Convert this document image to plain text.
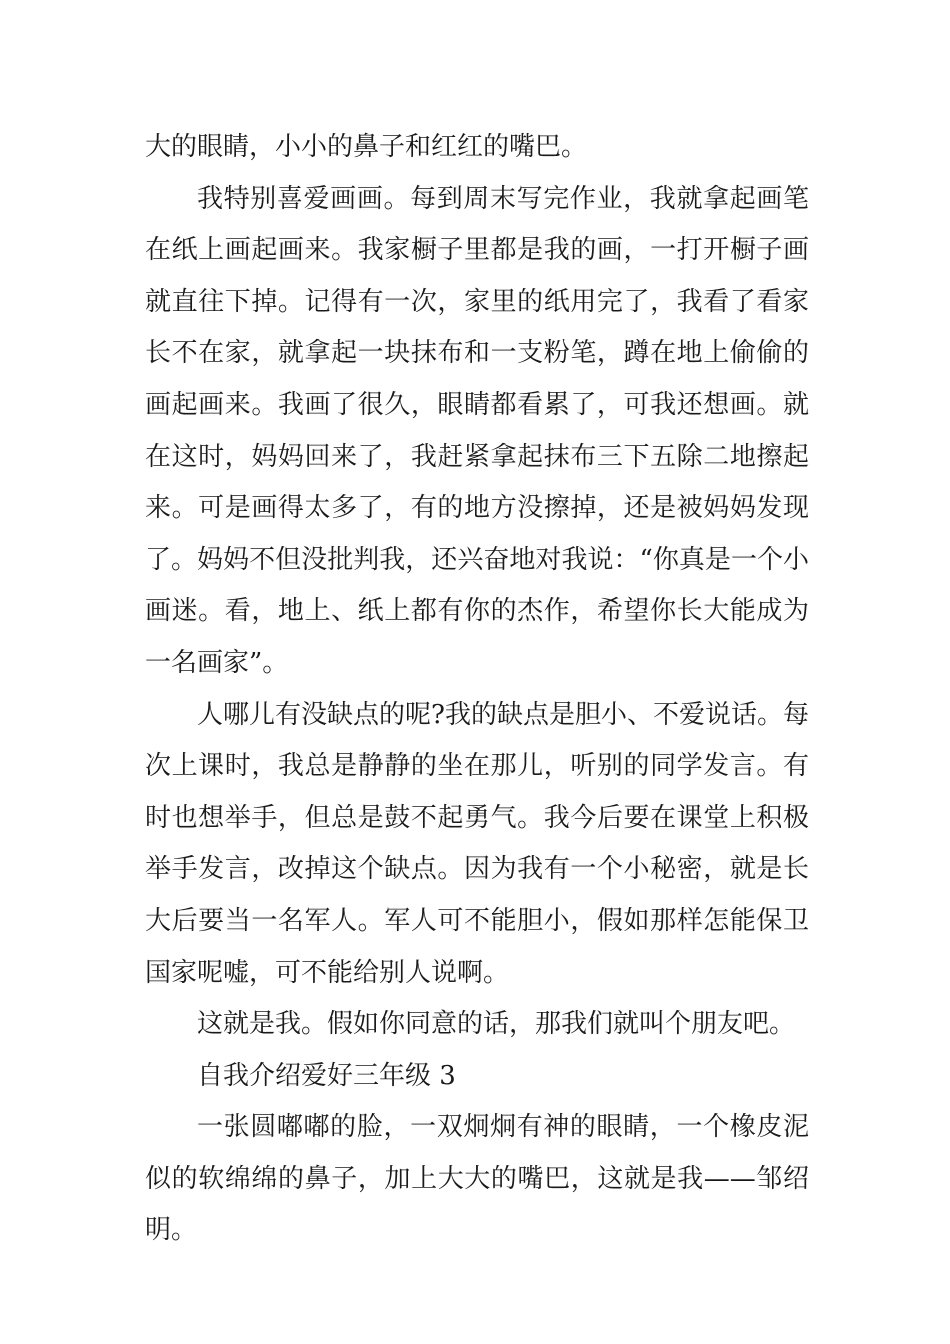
大的眼睛，小小的鼻子和红红的嘴巴。

我特别喜爱画画。每到周末写完作业，我就拿起画笔在纸上画起画来。我家橱子里都是我的画，一打开橱子画就直往下掉。记得有一次，家里的纸用完了，我看了看家长不在家，就拿起一块抹布和一支粉笔，蹲在地上偷偷的画起画来。我画了很久，眼睛都看累了，可我还想画。就在这时，妈妈回来了，我赶紧拿起抹布三下五除二地擦起来。可是画得太多了，有的地方没擦掉，还是被妈妈发现了。妈妈不但没批判我，还兴奋地对我说：“你真是一个小画迷。看，地上、纸上都有你的杰作，希望你长大能成为一名画家”。

人哪儿有没缺点的呢?我的缺点是胆小、不爱说话。每次上课时，我总是静静的坐在那儿，听别的同学发言。有时也想举手，但总是鼓不起勇气。我今后要在课堂上积极举手发言，改掉这个缺点。因为我有一个小秘密，就是长大后要当一名军人。军人可不能胆小，假如那样怎能保卫国家呢嘘，可不能给别人说啊。

这就是我。假如你同意的话，那我们就叫个朋友吧。

自我介绍爱好三年级 3

一张圆嘟嘟的脸，一双炯炯有神的眼睛，一个橡皮泥似的软绵绵的鼻子，加上大大的嘴巴，这就是我——邹绍明。
